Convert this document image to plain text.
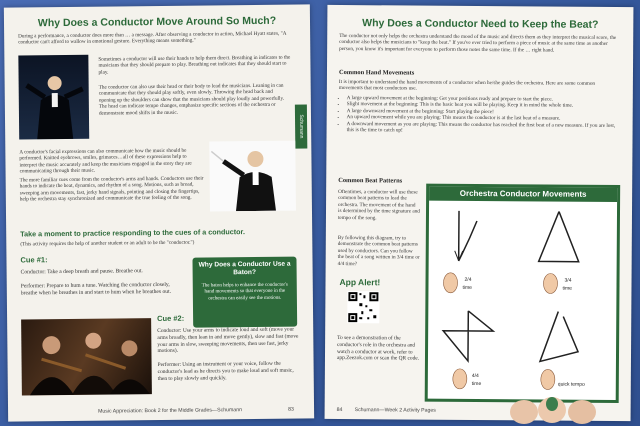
Why Does a Conductor Move Around So Much?
During a performance, a conductor does more than … a message. After observing a conductor in action, Michael Hyatt states, "A conductor can't afford to wallow in emotional gesture. Everything means something."
Sometimes a conductor will use their hands to help them direct. Breathing in indicates to the musicians that they should prepare to play. Breathing out indicates that they should start to play.
The conductor can also use their head or their body to lead the musicians. Leaning in can communicate that they should play softly, even slowly. Throwing the head back and opening up the shoulders can show that the musicians should play loudly and powerfully. The head can indicate tempo changes, emphasize specific sections of the orchestra or demonstrate mood shifts in the music.
Schumann
A conductor's facial expressions can also communicate how the music should be performed. Knitted eyebrows, smiles, grimaces…all of these expressions help to interpret the music accurately and keep the musicians engaged in the story they are communicating through their music.
The more familiar cues come from the conductor's arms and hands. Conductors use their hands to indicate the beat, dynamics, and rhythm of a song. Motions, such as broad, sweeping arm movements, fast, jerky hand signals, pointing and closing the fingertips, help the orchestra stay synchronized and communicate the true feeling of the song.
Take a moment to practice responding to the cues of a conductor.
(This activity requires the help of another student or an adult to be the "conductor.")
Cue #1:
Conductor: Take a deep breath and pause. Breathe out.
Performer: Prepare to hum a tune. Watching the conductor closely, breathe when he breathes in and start to hum when he breathes out.
Why Does a Conductor Use a Baton?
The baton helps to enhance the conductor's hand movements so that everyone in the orchestra can easily see the motions.
Cue #2:
Conductor: Use your arms to indicate loud and soft (move your arms broadly, then lean in and move gently), slow and fast (move your arms in slow, sweeping movements, then use fast, jerky motions).
Performer: Using an instrument or your voice, follow the conductor's lead as he directs you to make loud and soft music, then to play slowly and quickly.
Music Appreciation: Book 2 for the Middle Grades—Schumann	83
Why Does a Conductor Need to Keep the Beat?
The conductor not only helps the orchestra understand the mood of the music and directs them as they interpret the musical score, the conductor also helps the musicians to "keep the beat." If you've ever tried to perform a piece of music at the same time as another person, you know it's important for everyone to perform those notes the same time. If the … right hand.
Common Hand Movements
It is important to understand the hand movements of a conductor when he/she guides the orchestra. Here are some common movements that most conductors use.
• A large upward movement at the beginning: Get your positions ready and prepare to start the piece.
• Slight movement at the beginning: This is the basic beat you will be playing. Keep it in mind the whole time.
• A large downward movement at the beginning: Start playing the piece!
• An upward movement while you are playing: This means the conductor is at the last beat of a measure.
• A downward movement as you are playing: This means the conductor has reached the first beat of a new measure. If you are lost, this is the time to catch up!
Common Beat Patterns
Oftentimes, a conductor will use these common beat patterns to lead the orchestra. The movement of the hand is determined by the time signature and tempo of the song.
By following this diagram, try to demonstrate the common beat patterns used by conductors. Can you follow the beat of a song written in 3/4 time or 4/4 time?
App Alert!
To see a demonstration of the conductor's role in the orchestra and watch a conductor at work, refer to app.Zeezok.com or scan the QR code.
Orchestra Conductor Movements
2/4
time
3/4
time
4/4
time	quick tempo
84 Schumann—Week 2 Activity Pages
